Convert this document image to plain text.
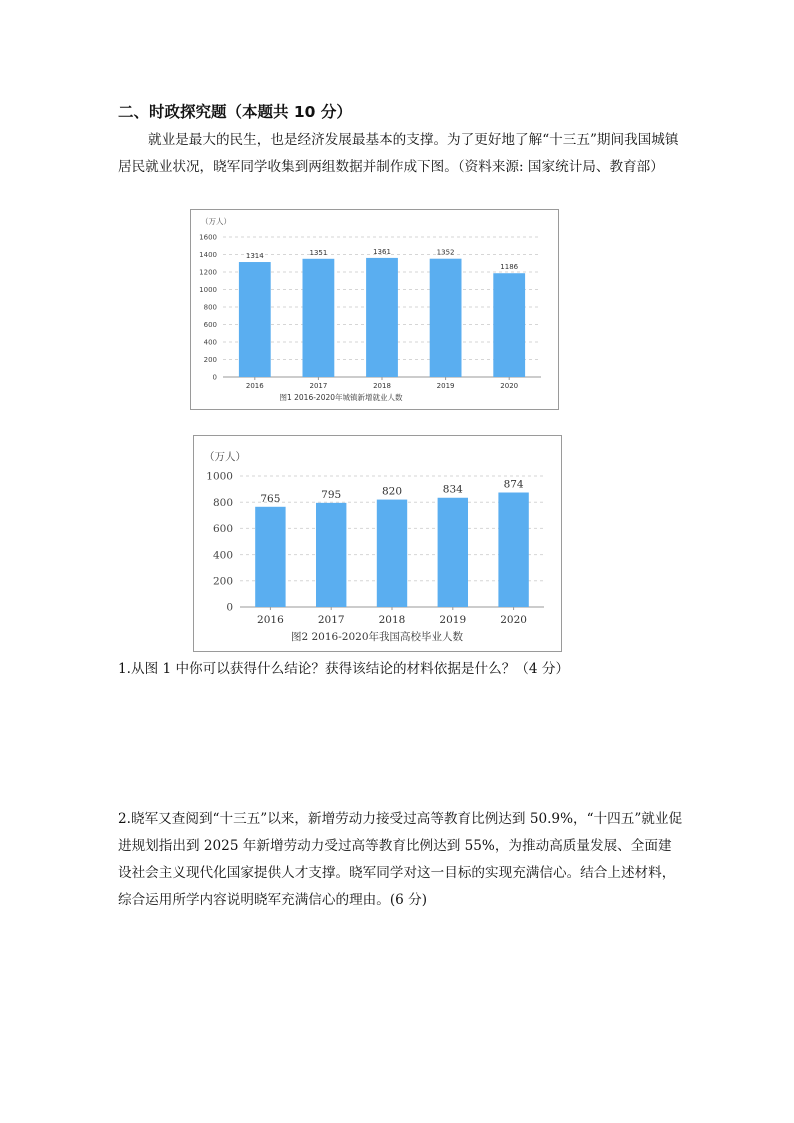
二、时政探究题（本题共 10 分）

就业是最大的民生，也是经济发展最基本的支撑。为了更好地了解“十三五”期间我国城镇居民就业状况，晓军同学收集到两组数据并制作成下图。（资料来源: 国家统计局、教育部）

0
200
400
600
800
1000
1200
1400
1600
1314
2016
1351
2017
1361
2018
1352
2019
1186
2020
（万人）
图1 2016-2020年城镇新增就业人数
0
200
400
600
800
1000
765
2016
795
2017
820
2018
834
2019
874
2020
（万人）
图2 2016-2020年我国高校毕业人数
1.从图 1 中你可以获得什么结论？获得该结论的材料依据是什么？（4 分）

2.晓军又查阅到“十三五”以来，新增劳动力接受过高等教育比例达到 50.9%，“十四五”就业促进规划指出到 2025 年新增劳动力受过高等教育比例达到 55%，为推动高质量发展、全面建设社会主义现代化国家提供人才支撑。晓军同学对这一目标的实现充满信心。结合上述材料，综合运用所学内容说明晓军充满信心的理由。(6 分)
